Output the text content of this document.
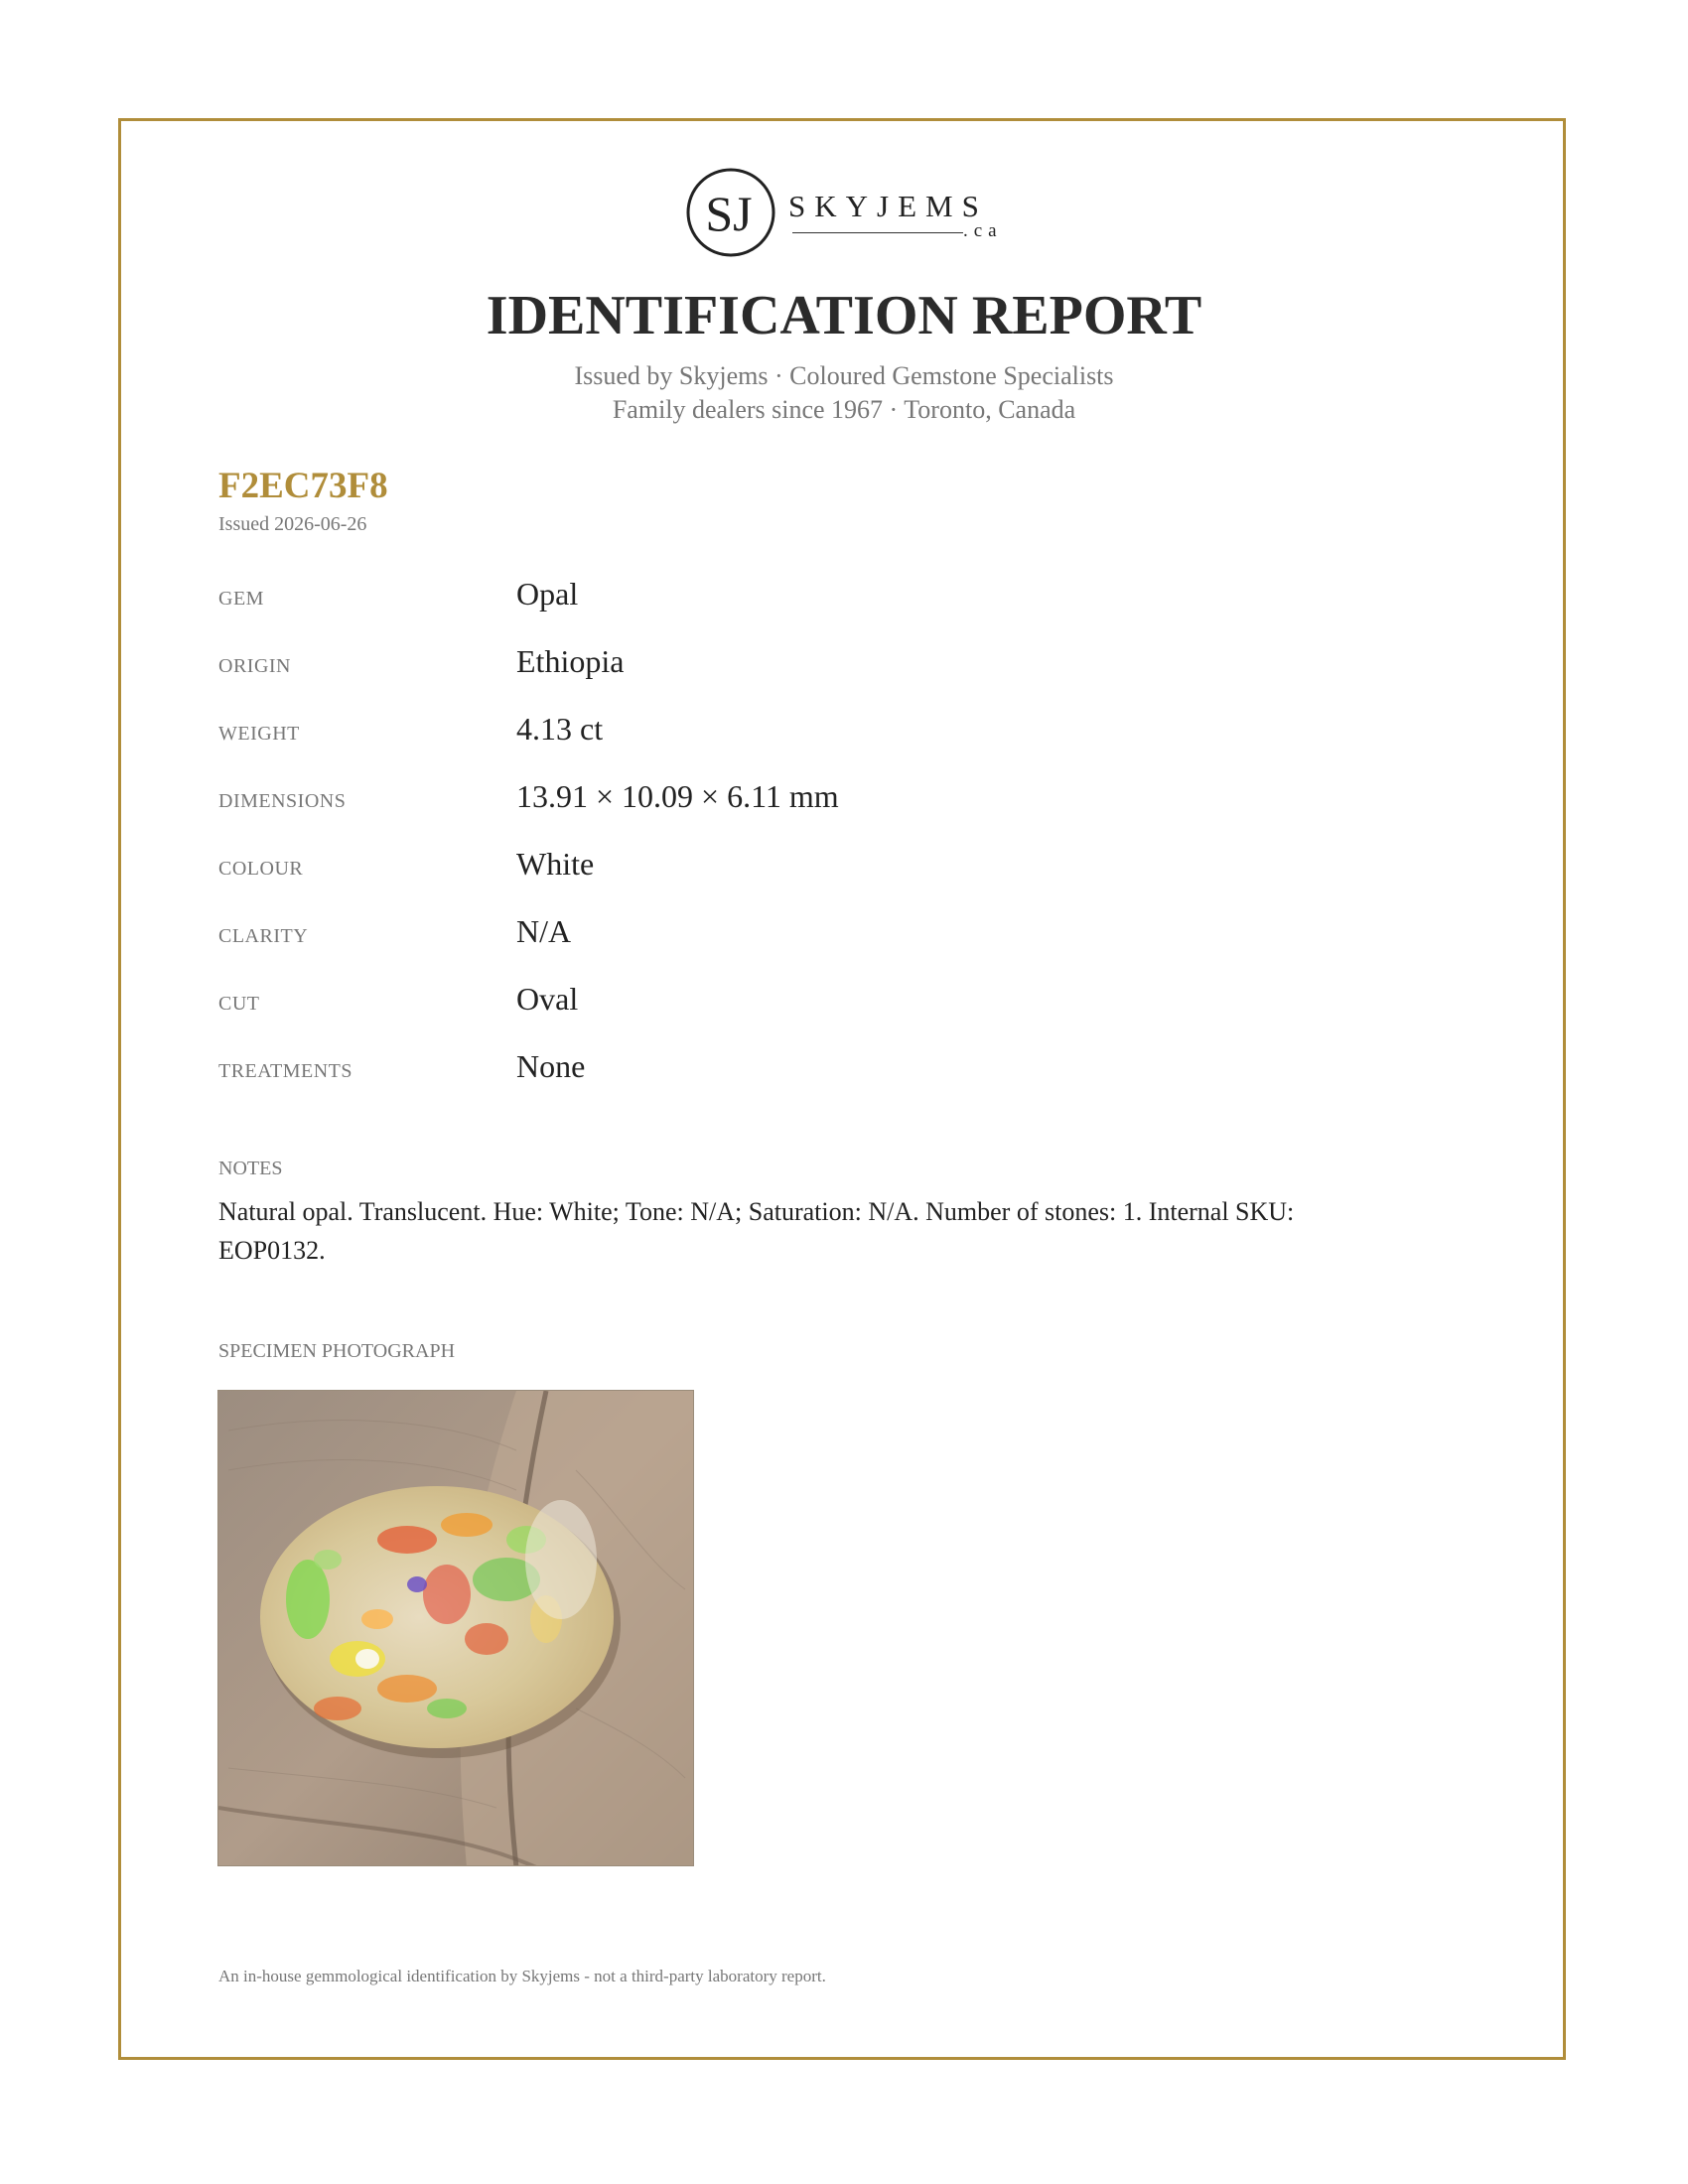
SJ SKYJEMS
.ca
IDENTIFICATION REPORT
Issued by Skyjems · Coloured Gemstone Specialists
Family dealers since 1967 · Toronto, Canada
F2EC73F8
Issued 2026-06-26
GEM	Opal
ORIGIN	Ethiopia
WEIGHT	4.13 ct
DIMENSIONS	13.91 × 10.09 × 6.11 mm
COLOUR	White
CLARITY	N/A
CUT	Oval
TREATMENTS	None
NOTES
Natural opal. Translucent. Hue: White; Tone: N/A; Saturation: N/A. Number of stones: 1. Internal SKU: EOP0132.
SPECIMEN PHOTOGRAPH
An in-house gemmological identification by Skyjems - not a third-party laboratory report.
